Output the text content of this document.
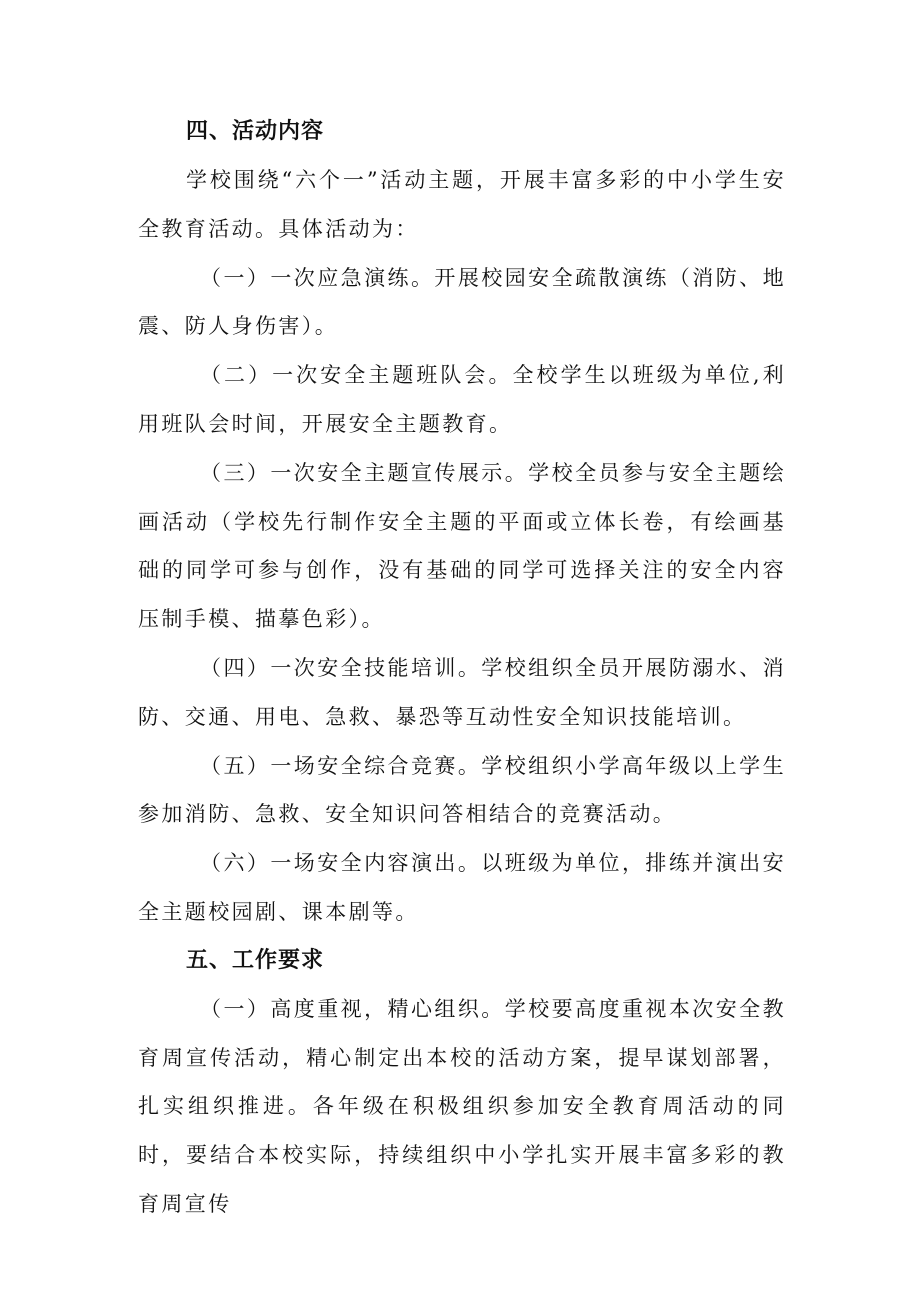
四、活动内容

学校围绕“六个一”活动主题，开展丰富多彩的中小学生安全教育活动。具体活动为：

（一）一次应急演练。开展校园安全疏散演练（消防、地震、防人身伤害）。

（二）一次安全主题班队会。全校学生以班级为单位,利用班队会时间，开展安全主题教育。

（三）一次安全主题宣传展示。学校全员参与安全主题绘画活动（学校先行制作安全主题的平面或立体长卷，有绘画基础的同学可参与创作，没有基础的同学可选择关注的安全内容压制手模、描摹色彩）。

（四）一次安全技能培训。学校组织全员开展防溺水、消防、交通、用电、急救、暴恐等互动性安全知识技能培训。

（五）一场安全综合竞赛。学校组织小学高年级以上学生参加消防、急救、安全知识问答相结合的竞赛活动。

（六）一场安全内容演出。以班级为单位，排练并演出安全主题校园剧、课本剧等。

五、工作要求

（一）高度重视，精心组织。学校要高度重视本次安全教育周宣传活动，精心制定出本校的活动方案，提早谋划部署，扎实组织推进。各年级在积极组织参加安全教育周活动的同时，要结合本校实际，持续组织中小学扎实开展丰富多彩的教育周宣传
